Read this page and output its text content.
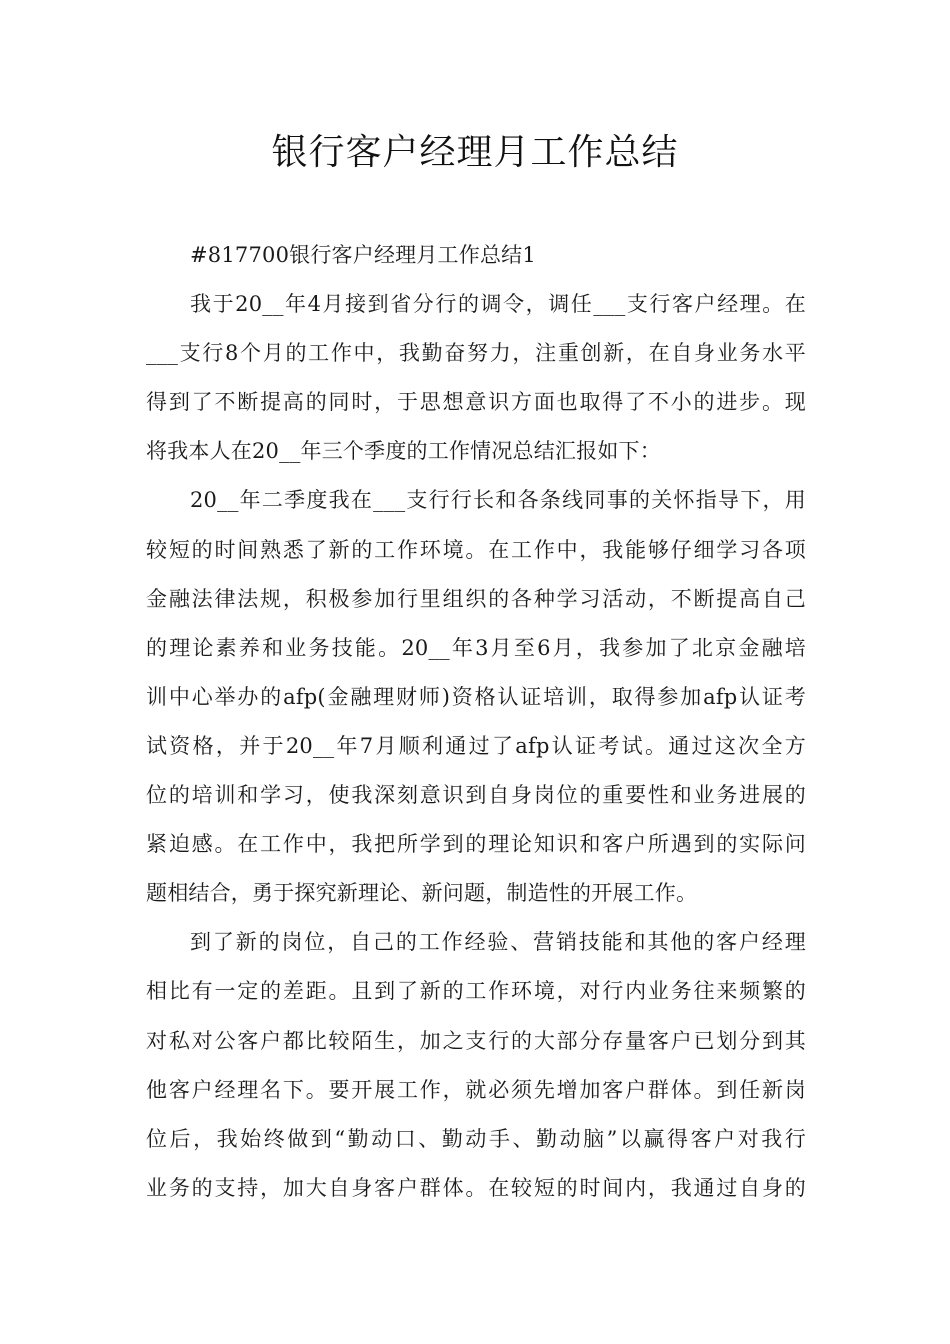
银行客户经理月工作总结
#817700银行客户经理月工作总结1
我于20__年4月接到省分行的调令，调任___支行客户经理。在
___支行8个月的工作中，我勤奋努力，注重创新，在自身业务水平
得到了不断提高的同时，于思想意识方面也取得了不小的进步。现
将我本人在20__年三个季度的工作情况总结汇报如下：
20__年二季度我在___支行行长和各条线同事的关怀指导下，用
较短的时间熟悉了新的工作环境。在工作中，我能够仔细学习各项
金融法律法规，积极参加行里组织的各种学习活动，不断提高自己
的理论素养和业务技能。20__年3月至6月，我参加了北京金融培
训中心举办的afp(金融理财师)资格认证培训，取得参加afp认证考
试资格，并于20__年7月顺利通过了afp认证考试。通过这次全方
位的培训和学习，使我深刻意识到自身岗位的重要性和业务进展的
紧迫感。在工作中，我把所学到的理论知识和客户所遇到的实际问
题相结合，勇于探究新理论、新问题，制造性的开展工作。
到了新的岗位，自己的工作经验、营销技能和其他的客户经理
相比有一定的差距。且到了新的工作环境，对行内业务往来频繁的
对私对公客户都比较陌生，加之支行的大部分存量客户已划分到其
他客户经理名下。要开展工作，就必须先增加客户群体。到任新岗
位后，我始终做到“勤动口、勤动手、勤动脑”以赢得客户对我行
业务的支持，加大自身客户群体。在较短的时间内，我通过自身的
